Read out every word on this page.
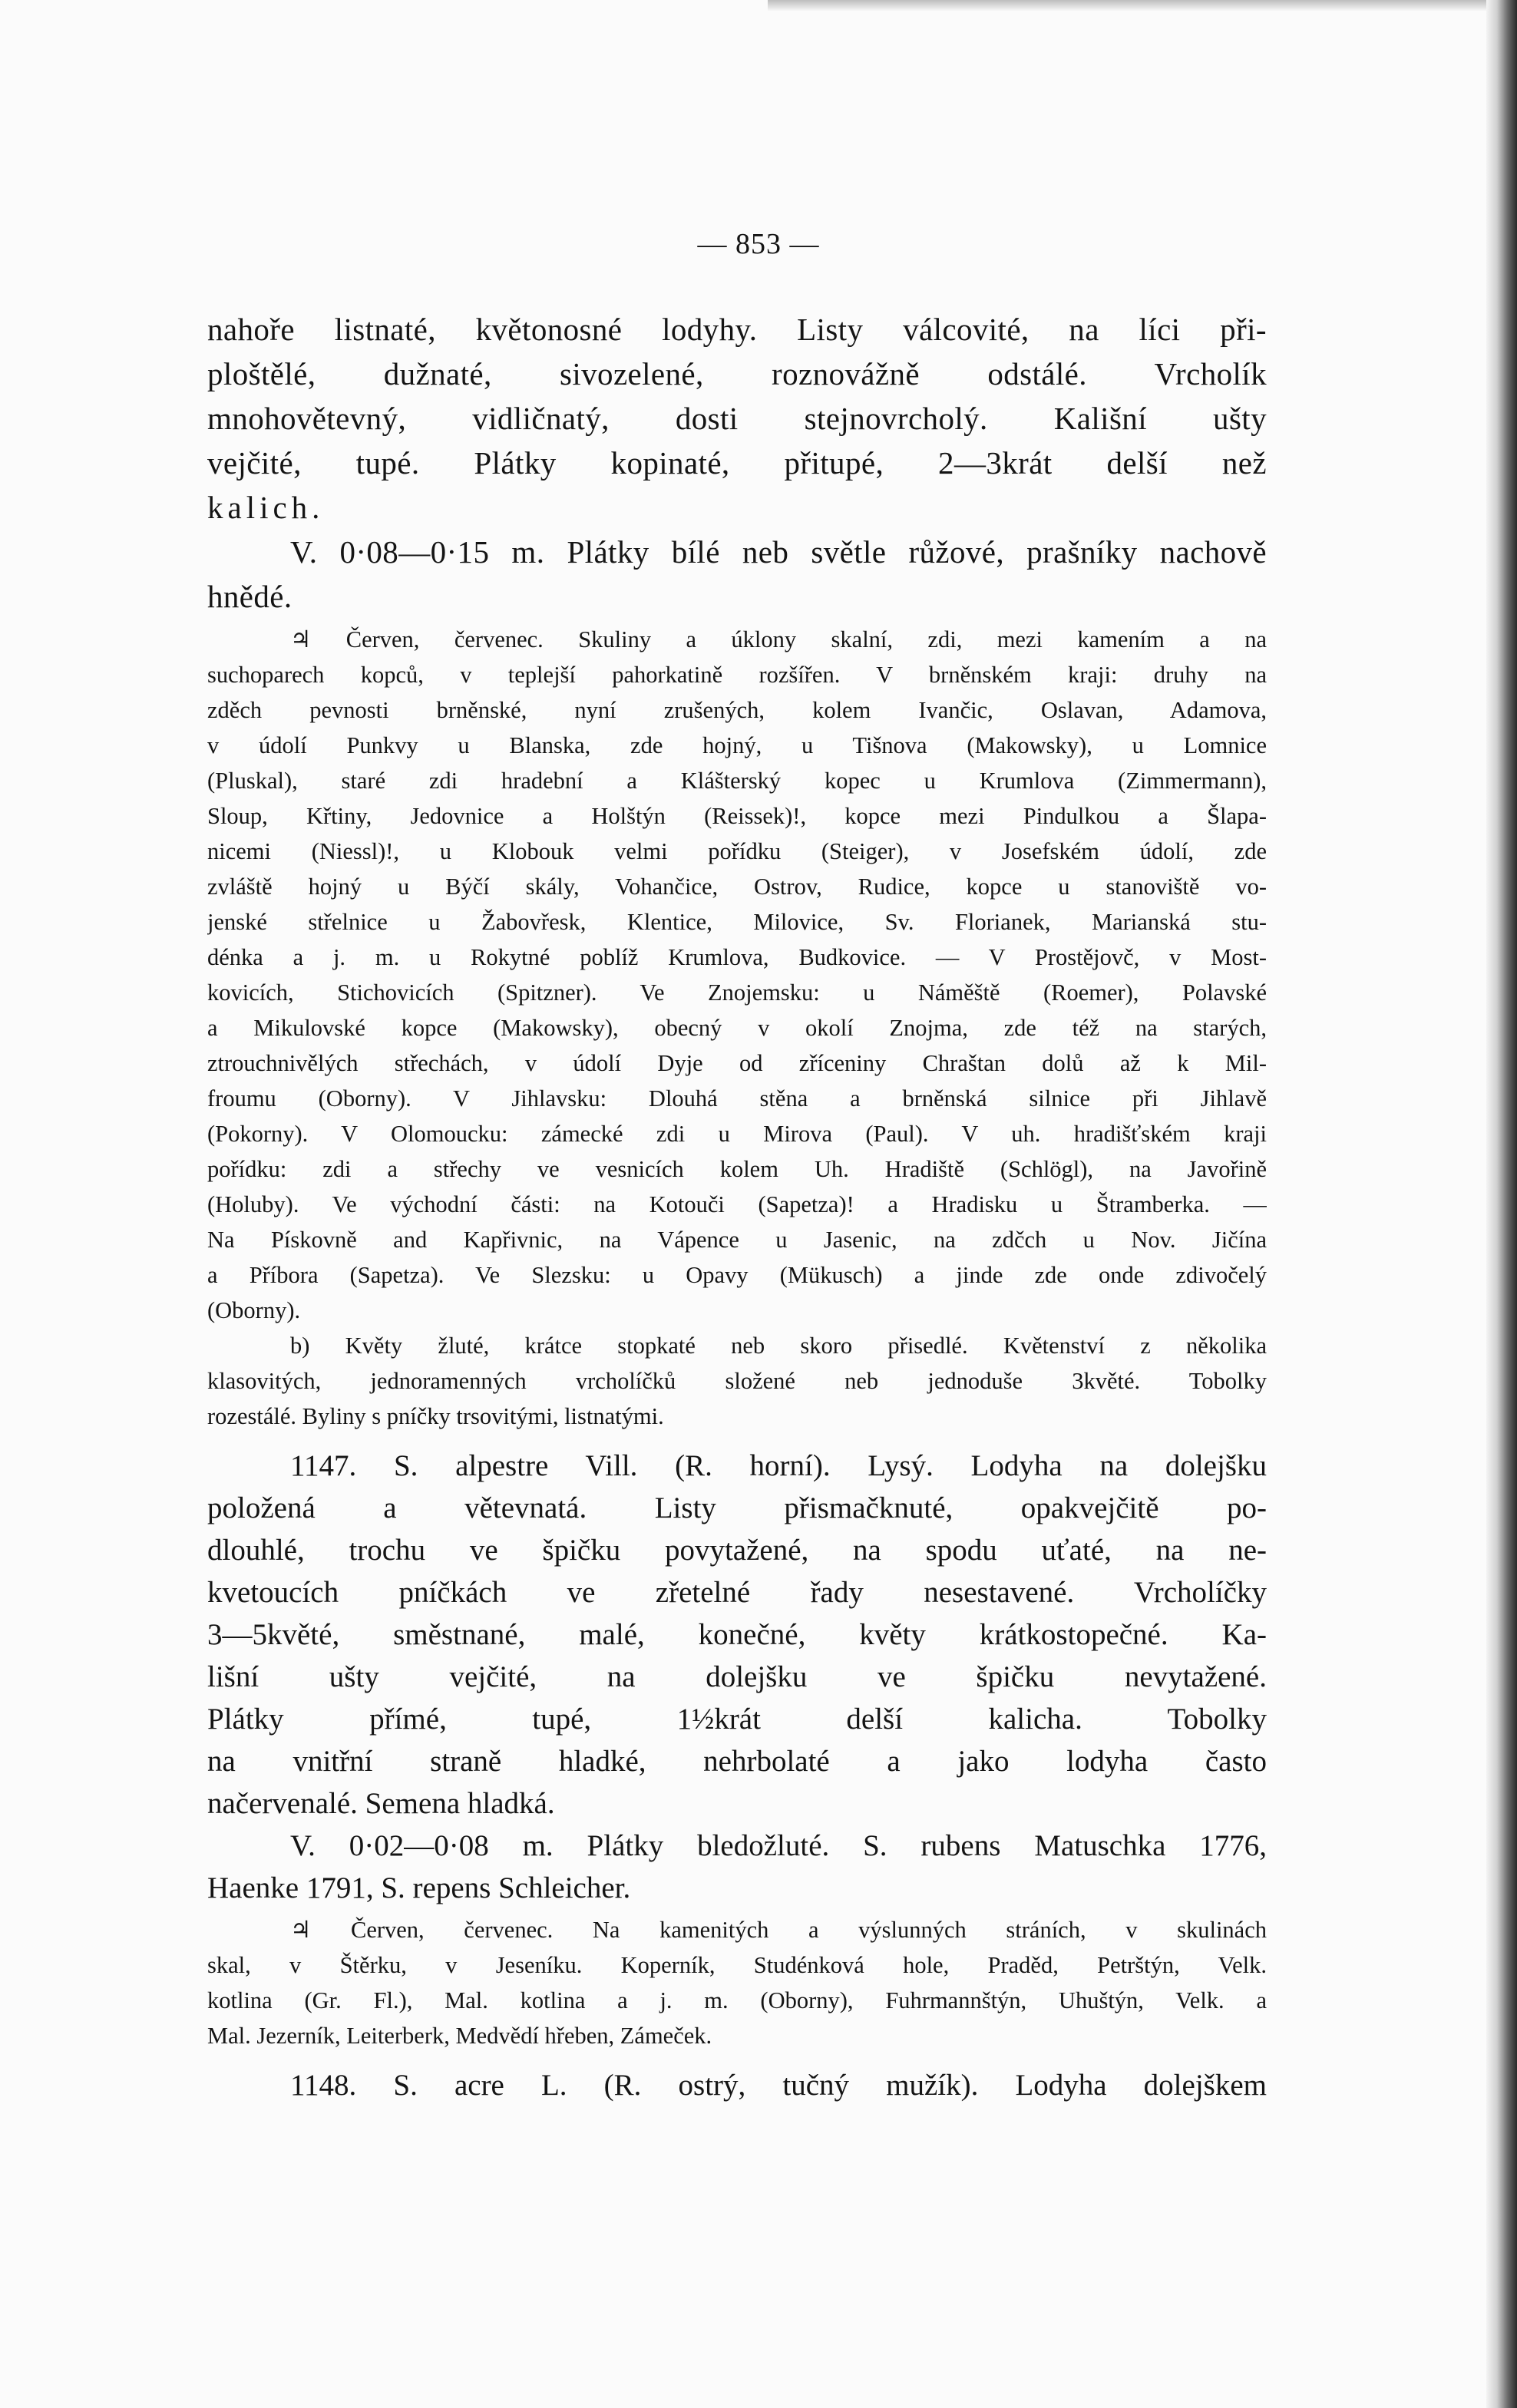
— 853 —
nahoře listnaté, květonosné lodyhy. Listy válcovité, na líci při-
ploštělé, dužnaté, sivozelené, roznovážně odstálé. Vrcholík
mnohovětevný, vidličnatý, dosti stejnovrcholý. Kališní ušty
vejčité, tupé. Plátky kopinaté, přitupé, 2—3krát delší než
kalich.
V. 0·08—0·15 m. Plátky bílé neb světle růžové, prašníky nachově
hnědé.
♃ Červen, červenec. Skuliny a úklony skalní, zdi, mezi kamením a na
suchoparech kopců, v teplejší pahorkatině rozšířen. V brněnském kraji: druhy na
zděch pevnosti brněnské, nyní zrušených, kolem Ivančic, Oslavan, Adamova,
v údolí Punkvy u Blanska, zde hojný, u Tišnova (Makowsky), u Lomnice
(Pluskal), staré zdi hradební a Klášterský kopec u Krumlova (Zimmermann),
Sloup, Křtiny, Jedovnice a Holštýn (Reissek)!, kopce mezi Pindulkou a Šlapa-
nicemi (Niessl)!, u Klobouk velmi pořídku (Steiger), v Josefském údolí, zde
zvláště hojný u Býčí skály, Vohančice, Ostrov, Rudice, kopce u stanoviště vo-
jenské střelnice u Žabovřesk, Klentice, Milovice, Sv. Florianek, Marianská stu-
dénka a j. m. u Rokytné poblíž Krumlova, Budkovice. — V Prostějovč, v Most-
kovicích, Stichovicích (Spitzner). Ve Znojemsku: u Náměště (Roemer), Polavské
a Mikulovské kopce (Makowsky), obecný v okolí Znojma, zde též na starých,
ztrouchnivělých střechách, v údolí Dyje od zříceniny Chraštan dolů až k Mil-
froumu (Oborny). V Jihlavsku: Dlouhá stěna a brněnská silnice při Jihlavě
(Pokorny). V Olomoucku: zámecké zdi u Mirova (Paul). V uh. hradišťském kraji
pořídku: zdi a střechy ve vesnicích kolem Uh. Hradiště (Schlögl), na Javořině
(Holuby). Ve východní části: na Kotouči (Sapetza)! a Hradisku u Štramberka. —
Na Pískovně and Kapřivnic, na Vápence u Jasenic, na zdčch u Nov. Jičína
a Příbora (Sapetza). Ve Slezsku: u Opavy (Mükusch) a jinde zde onde zdivočelý
(Oborny).
b) Květy žluté, krátce stopkaté neb skoro přisedlé. Květenství z několika
klasovitých, jednoramenných vrcholíčků složené neb jednoduše 3květé. Tobolky
rozestálé. Byliny s pníčky trsovitými, listnatými.
1147. S. alpestre Vill. (R. horní). Lysý. Lodyha na dolejšku
položená a větevnatá. Listy přismačknuté, opakvejčitě po-
dlouhlé, trochu ve špičku povytažené, na spodu uťaté, na ne-
kvetoucích pníčkách ve zřetelné řady nesestavené. Vrcholíčky
3—5květé, směstnané, malé, konečné, květy krátkostopečné. Ka-
lišní ušty vejčité, na dolejšku ve špičku nevytažené.
Plátky přímé, tupé, 1½krát delší kalicha. Tobolky
na vnitřní straně hladké, nehrbolaté a jako lodyha často
načervenalé. Semena hladká.
V. 0·02—0·08 m. Plátky bledožluté. S. rubens Matuschka 1776,
Haenke 1791, S. repens Schleicher.
♃ Červen, červenec. Na kamenitých a výslunných stráních, v skulinách
skal, v Štěrku, v Jeseníku. Koperník, Studénková hole, Praděd, Petrštýn, Velk.
kotlina (Gr. Fl.), Mal. kotlina a j. m. (Oborny), Fuhrmannštýn, Uhuštýn, Velk. a
Mal. Jezerník, Leiterberk, Medvědí hřeben, Zámeček.
1148. S. acre L. (R. ostrý, tučný mužík). Lodyha dolejškem
